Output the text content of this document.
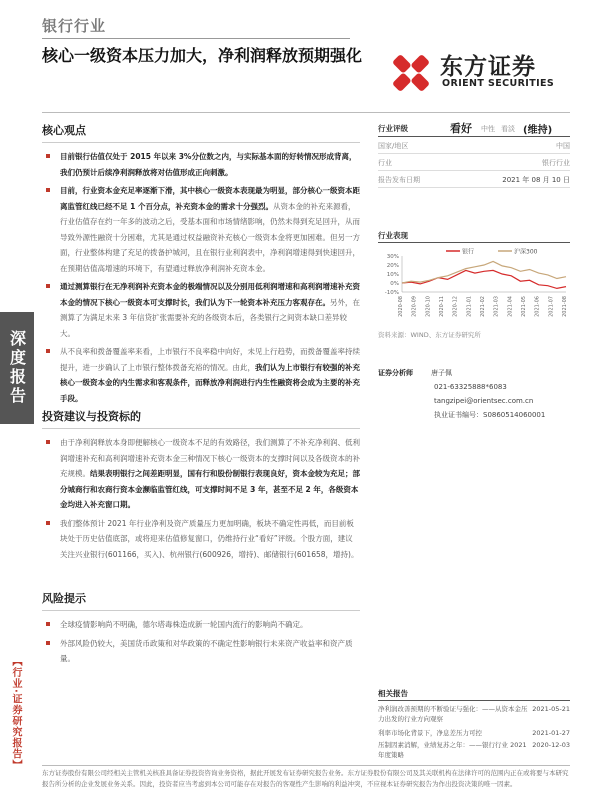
银行行业
核心一级资本压力加大，净利润释放预期强化	东方证券
ORIENT SECURITIES
深度报告
【行业·证券研究报告】
核心观点
目前银行估值仅处于 2015 年以来 3%分位数之内，与实际基本面的好转情况形成背离，我们仍预计后续净利润释放将对估值形成正向刺激。
目前，行业资本金充足率逐渐下滑，其中核心一级资本表现最为明显，部分核心一级资本距离监管红线已经不足 1 个百分点，补充资本金的需求十分强烈。从资本金的补充来源看，行业估值存在约一年多的波动之后，受基本面和市场情绪影响，仍然未得到充足回升，从而导致外源性融资十分困难，尤其是通过权益融资补充核心一级资本金将更加困难。但另一方面，行业整体构建了充足的拨备护城河，且在银行业利润表中，净利润增速得到快速回升，在预期估值高增速的环境下，有望通过释放净利润补充资本金。
通过测算银行在无净利润补充资本金的极端情况以及分别用低利润增速和高利润增速补充资本金的情况下核心一级资本可支撑时长，我们认为下一轮资本补充压力客观存在。另外，在测算了为满足未来 3 年信贷扩张需要补充的各级资本后，各类银行之间资本缺口差异较大。
从不良率和拨备覆盖率来看，上市银行不良率稳中向好，未见上行趋势，而拨备覆盖率持续提升，进一步确认了上市银行整体拨备充裕的情况。由此，我们认为上市银行有较强的补充核心一级资本金的内生需求和客观条件，而释放净利润进行内生性融资将会成为主要的补充手段。
投资建议与投资标的
由于净利润释放本身即便解核心一级资本不足的有效路径，我们测算了不补充净利润、低利润增速补充和高利润增速补充资本金三种情况下核心一级资本的支撑时间以及各级资本的补充规模。结果表明银行之间差距明显，国有行和股份制银行表现良好，资本金较为充足；部分城商行和农商行资本金濒临监管红线，可支撑时间不足 3 年，甚至不足 2 年，各级资本金均进入补充窗口期。
我们整体预计 2021 年行业净利及资产质量压力更加明确，板块不确定性再低，而目前板块处于历史估值底部，或将迎来估值修复窗口，仍维持行业“看好”评级。个股方面，建议关注兴业银行(601166，买入)、杭州银行(600926，增持)、邮储银行(601658，增持)。
风险提示
全球疫情影响尚不明确，德尔塔毒株造成新一轮国内流行的影响尚不确定。
外部风险仍较大，美国货币政策和对华政策的不确定性影响银行未来资产收益率和资产质量。
行业评级	看好 中性 看淡 (维持)
国家/地区	中国
行业	银行行业
报告发布日期	2021 年 08 月 10 日
行业表现
银行	沪深300
30%
20%
10%
0%
-10%
2020-08 2020-09 2020-10 2020-11 2020-12 2021-01 2021-02 2021-03 2021-04 2021-05 2021-06 2021-07 2021-08
资料来源：WIND、东方证券研究所
证券分析师	唐子佩
021-63325888*6083
tangzipei@orientsec.com.cn
执业证书编号：S0860514060001
相关报告
净利润改善预期的不断验证与强化：——从资本金压力出发的行业方向观察
2021-05-21
利率市场化背景下，净息差压力可控	2021-01-27
压制因素消解，业绩复苏之年：——银行行业 2021 年度策略
2020-12-03
东方证券股份有限公司经相关主管机关核准具备证券投资咨询业务资格，据此开展发布证券研究报告业务。东方证券股份有限公司及其关联机构在法律许可的范围内正在或将要与本研究报告所分析的企业发展业务关系。因此，投资者应当考虑到本公司可能存在对报告的客观性产生影响的利益冲突，不应视本证券研究报告为作出投资决策的唯一因素。
